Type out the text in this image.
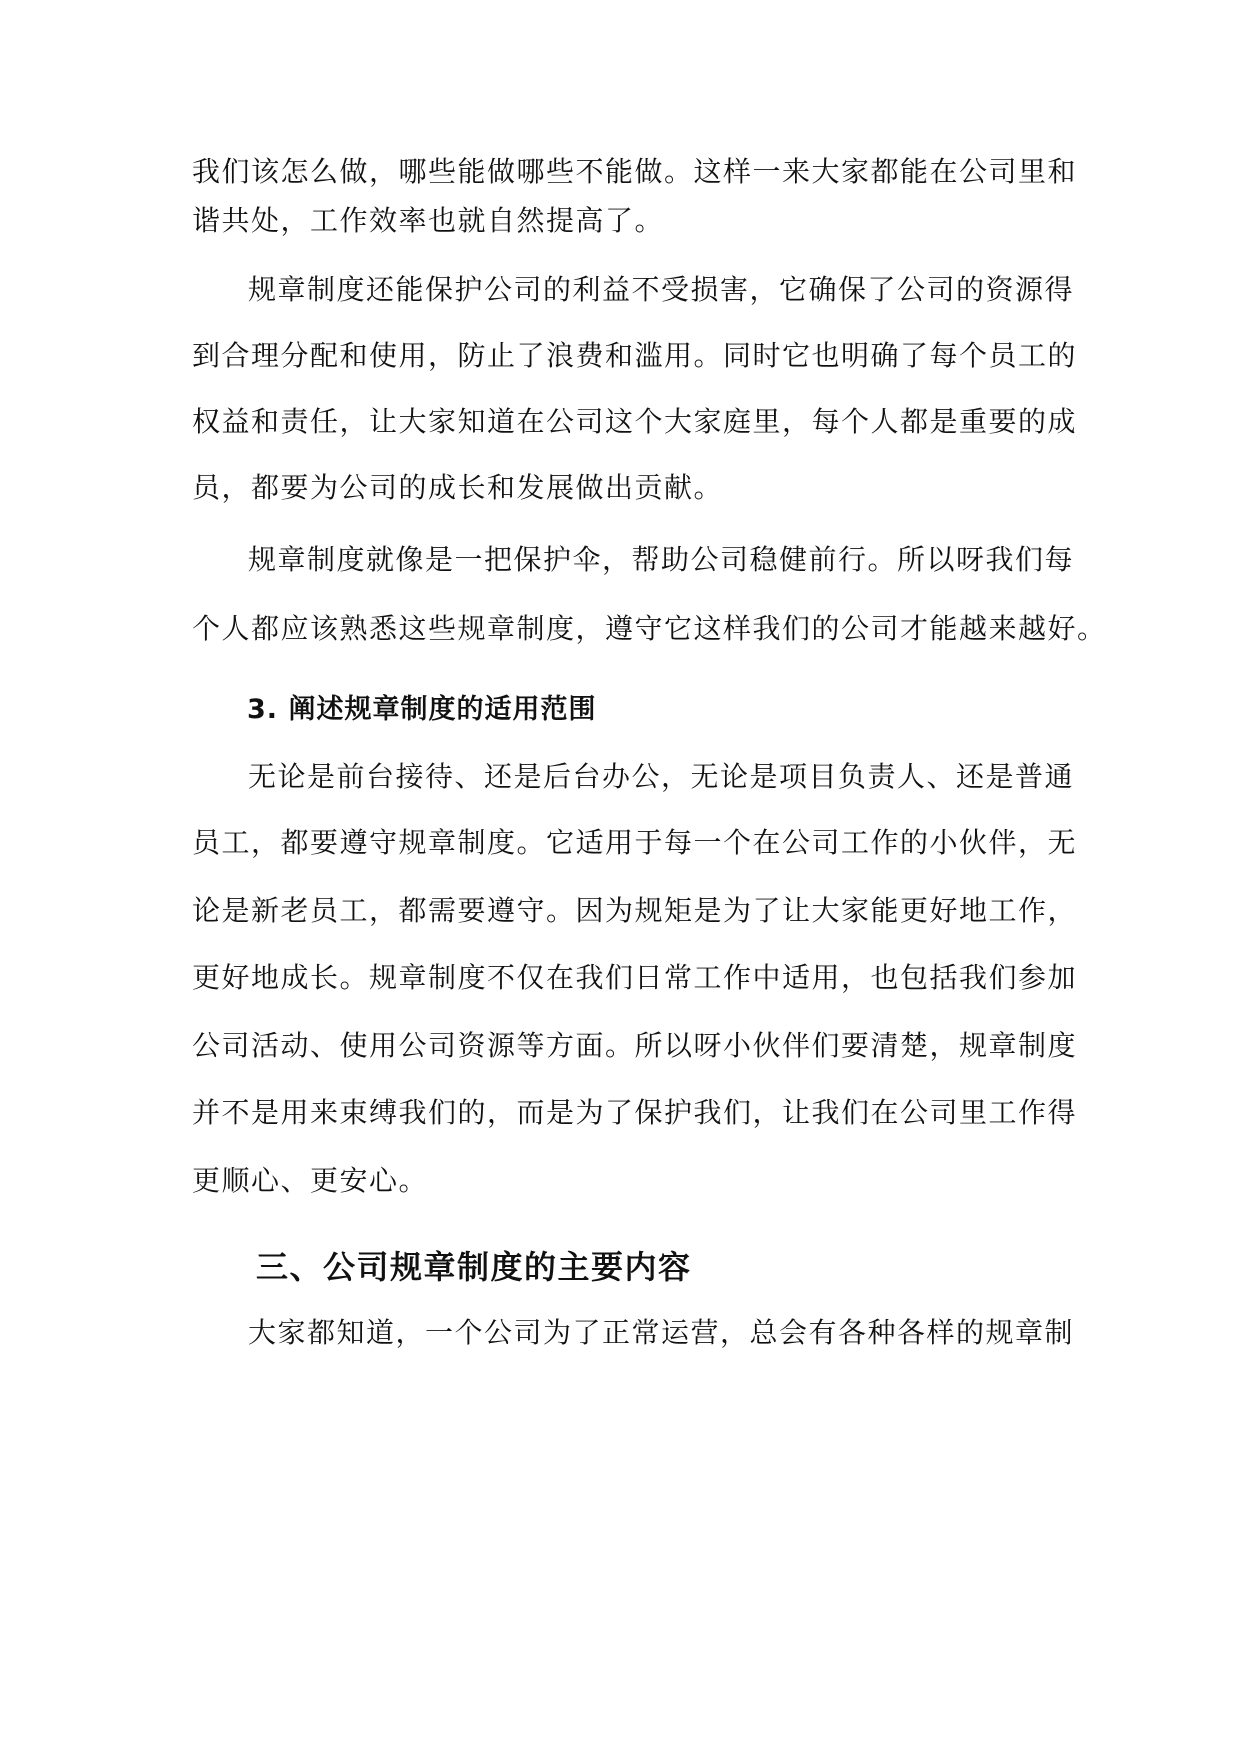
我们该怎么做，哪些能做哪些不能做。这样一来大家都能在公司里和
谐共处，工作效率也就自然提高了。
规章制度还能保护公司的利益不受损害，它确保了公司的资源得
到合理分配和使用，防止了浪费和滥用。同时它也明确了每个员工的
权益和责任，让大家知道在公司这个大家庭里，每个人都是重要的成
员，都要为公司的成长和发展做出贡献。
规章制度就像是一把保护伞，帮助公司稳健前行。所以呀我们每
个人都应该熟悉这些规章制度，遵守它这样我们的公司才能越来越好。
3. 阐述规章制度的适用范围
无论是前台接待、还是后台办公，无论是项目负责人、还是普通
员工，都要遵守规章制度。它适用于每一个在公司工作的小伙伴，无
论是新老员工，都需要遵守。因为规矩是为了让大家能更好地工作，
更好地成长。规章制度不仅在我们日常工作中适用，也包括我们参加
公司活动、使用公司资源等方面。所以呀小伙伴们要清楚，规章制度
并不是用来束缚我们的，而是为了保护我们，让我们在公司里工作得
更顺心、更安心。
三、公司规章制度的主要内容
大家都知道，一个公司为了正常运营，总会有各种各样的规章制
